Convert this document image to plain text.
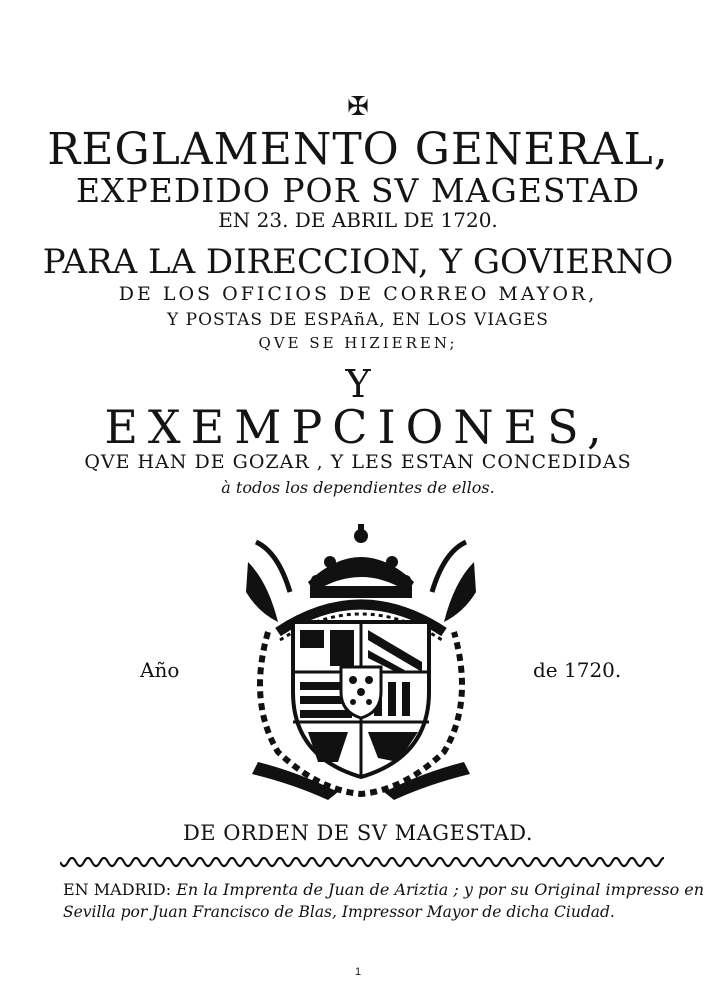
✠
REGLAMENTO GENERAL,
EXPEDIDO POR SV MAGESTAD
EN 23. DE ABRIL DE 1720.
PARA LA DIRECCION, Y GOVIERNO
DE LOS OFICIOS DE CORREO MAYOR,
Y POSTAS DE ESPAñA, EN LOS VIAGES
QVE SE HIZIEREN;
Y
EXEMPCIONES,
QVE HAN DE GOZAR , Y LES ESTAN CONCEDIDAS
à todos los dependientes de ellos.
Año	de 1720.
DE ORDEN DE SV MAGESTAD.
EN MADRID: En la Imprenta de Juan de Ariztia ; y por su Original impresso en
Sevilla por Juan Francisco de Blas, Impressor Mayor de dicha Ciudad.
1
